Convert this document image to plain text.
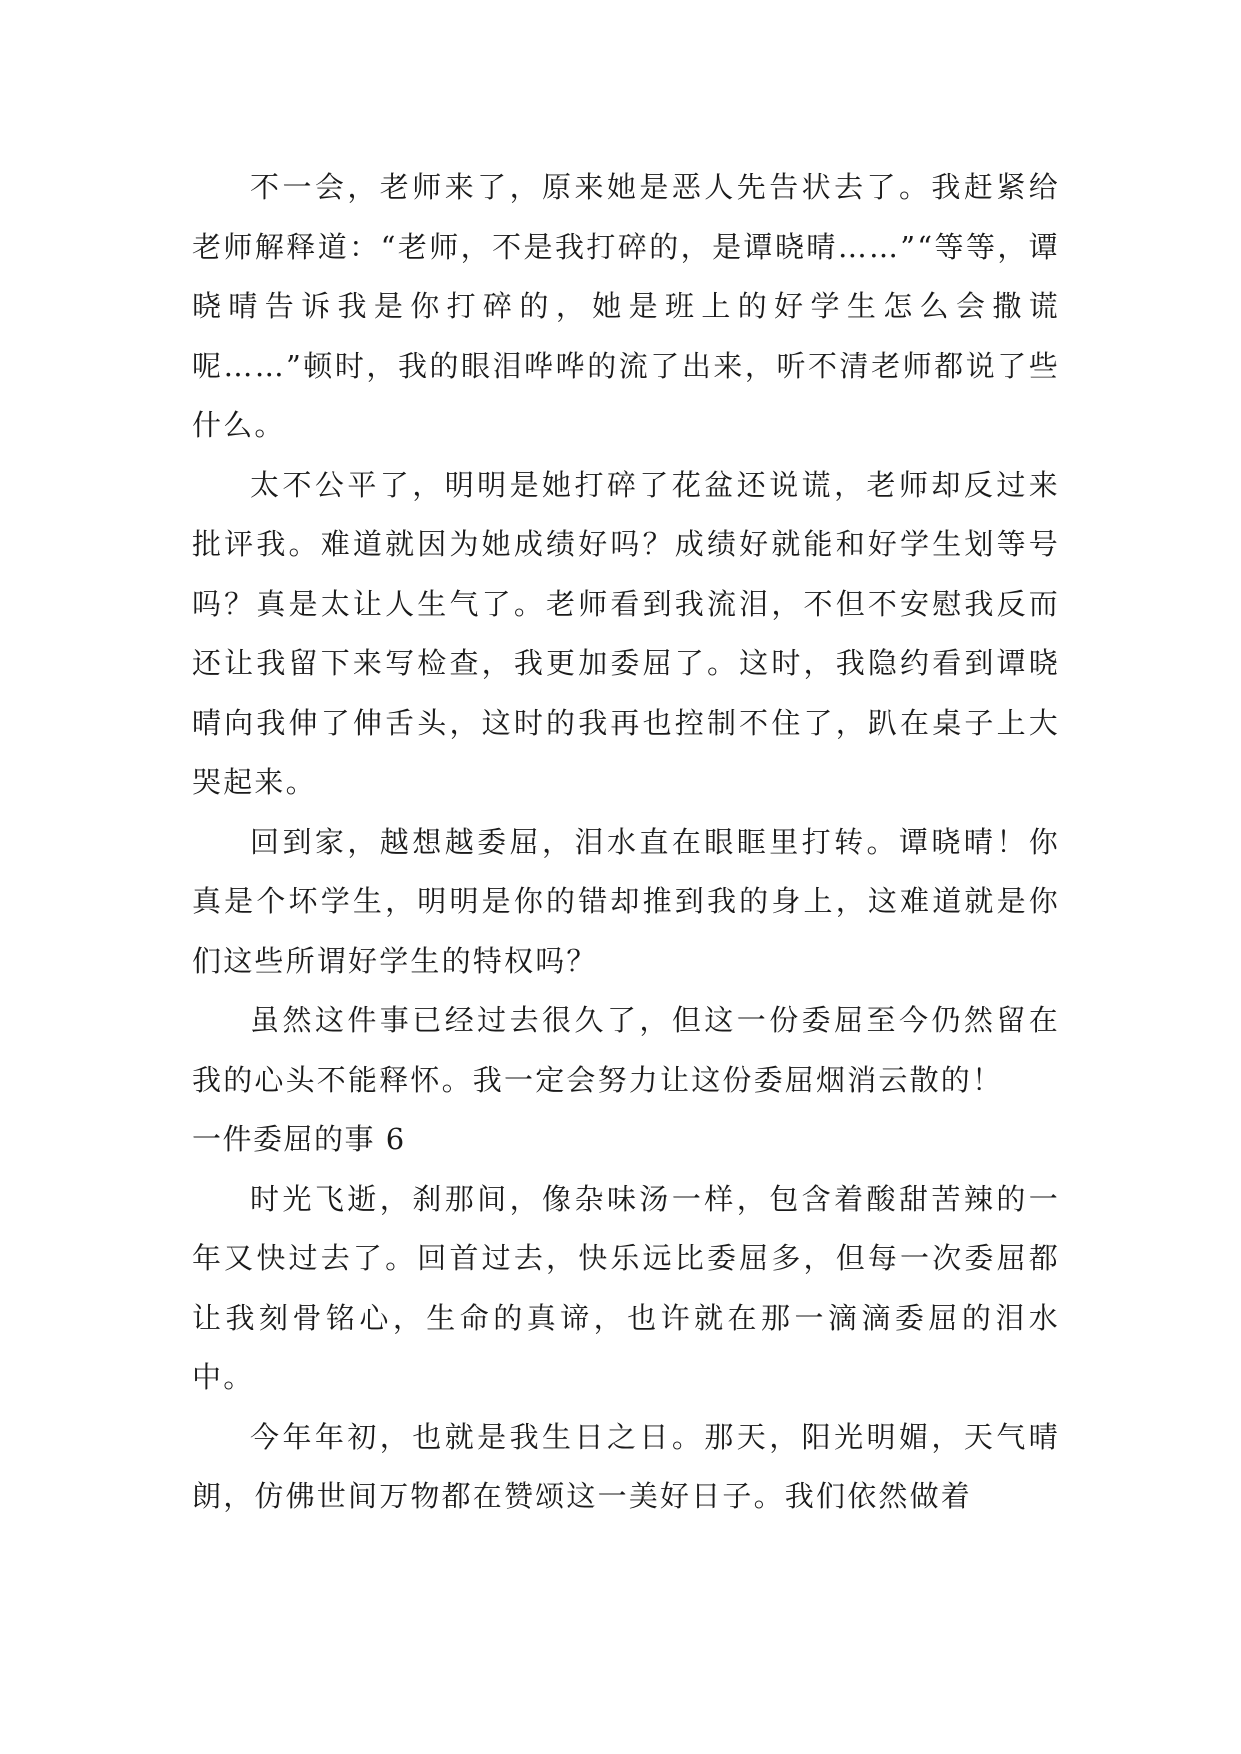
不一会，老师来了，原来她是恶人先告状去了。我赶紧给老师解释道：“老师，不是我打碎的，是谭晓晴……”“等等，谭晓晴告诉我是你打碎的，她是班上的好学生怎么会撒谎呢……”顿时，我的眼泪哗哗的流了出来，听不清老师都说了些什么。

太不公平了，明明是她打碎了花盆还说谎，老师却反过来批评我。难道就因为她成绩好吗？成绩好就能和好学生划等号吗？真是太让人生气了。老师看到我流泪，不但不安慰我反而还让我留下来写检查，我更加委屈了。这时，我隐约看到谭晓晴向我伸了伸舌头，这时的我再也控制不住了，趴在桌子上大哭起来。

回到家，越想越委屈，泪水直在眼眶里打转。谭晓晴！你真是个坏学生，明明是你的错却推到我的身上，这难道就是你们这些所谓好学生的特权吗？

虽然这件事已经过去很久了，但这一份委屈至今仍然留在我的心头不能释怀。我一定会努力让这份委屈烟消云散的！

一件委屈的事 6

时光飞逝，刹那间，像杂味汤一样，包含着酸甜苦辣的一年又快过去了。回首过去，快乐远比委屈多，但每一次委屈都让我刻骨铭心，生命的真谛，也许就在那一滴滴委屈的泪水中。

今年年初，也就是我生日之日。那天，阳光明媚，天气晴朗，仿佛世间万物都在赞颂这一美好日子。我们依然做着
